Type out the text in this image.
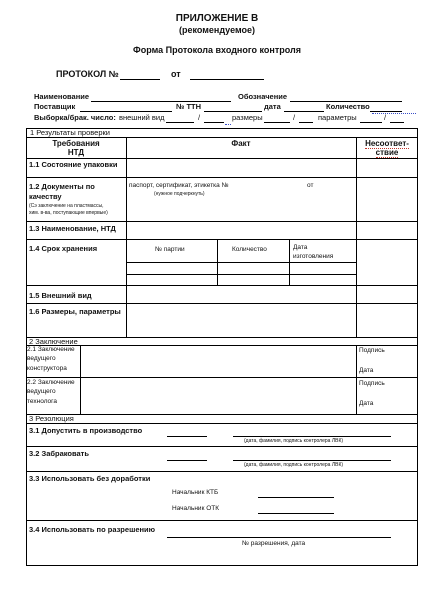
ПРИЛОЖЕНИЕ В
(рекомендуемое)
Форма Протокола входного контроля
ПРОТОКОЛ №	от
Наименование	Обозначение
Поставщик	№ ТТН	дата	Количество
Выборка/брак. число: внешний вид	/	размеры	/	параметры	/
1 Результаты проверки
Требования
НТД
Факт	Несоответ-
ствие
1.1 Состояние упаковки
1.2 Документы по
качеству
(Сэ заключение на пластмассы,
хим. в-ва, поступающие впервые)
паспорт, сертификат, этикетка №	от
(нужное подчеркнуть)
1.3 Наименование, НТД
1.4 Срок хранения	№ партии	Количество	Дата
изготовления
1.5 Внешний вид
1.6 Размеры, параметры
2 Заключение
2.1 Заключение
ведущего
конструктора
Подпись
Дата
2.2 Заключение
ведущего
технолога
Подпись
Дата
3 Резолюция
3.1 Допустить в производство
(дата, фамилия, подпись контролера ЛВК)
3.2 Забраковать
(дата, фамилия, подпись контролера ЛВК)
3.3 Использовать без доработки
Начальник КТБ
Начальник ОТК
3.4 Использовать по разрешению
№ разрешения, дата
